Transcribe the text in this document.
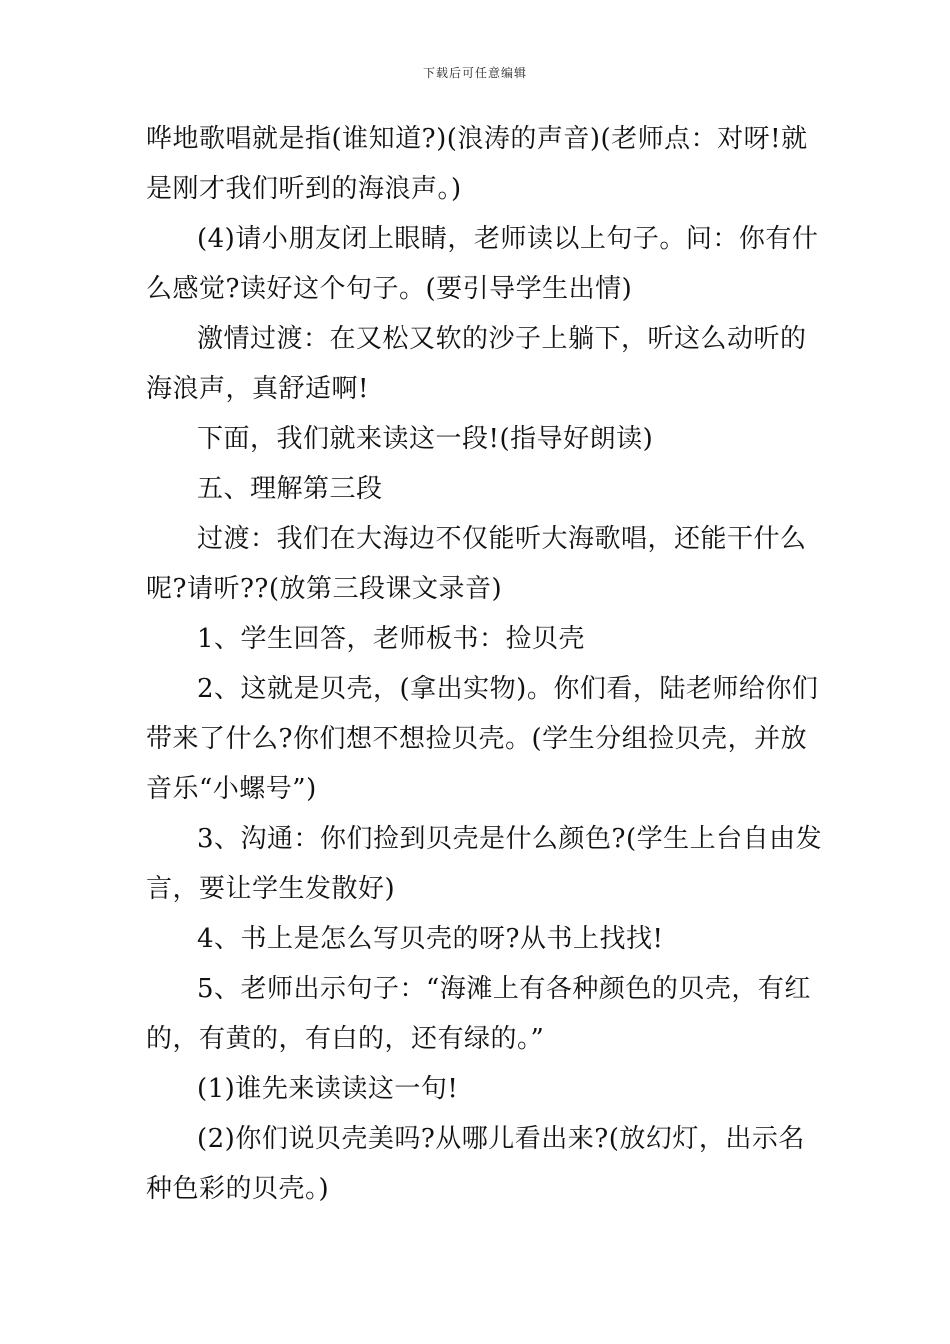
下载后可任意编辑
哗地歌唱就是指(谁知道?)(浪涛的声音)(老师点：对呀!就
是刚才我们听到的海浪声。)
(4)请小朋友闭上眼睛，老师读以上句子。问：你有什
么感觉?读好这个句子。(要引导学生出情)
激情过渡：在又松又软的沙子上躺下，听这么动听的
海浪声，真舒适啊!
下面，我们就来读这一段!(指导好朗读)
五、理解第三段
过渡：我们在大海边不仅能听大海歌唱，还能干什么
呢?请听??(放第三段课文录音)
1、学生回答，老师板书：捡贝壳
2、这就是贝壳，(拿出实物)。你们看，陆老师给你们
带来了什么?你们想不想捡贝壳。(学生分组捡贝壳，并放
音乐“小螺号”)
3、沟通：你们捡到贝壳是什么颜色?(学生上台自由发
言，要让学生发散好)
4、书上是怎么写贝壳的呀?从书上找找!
5、老师出示句子：“海滩上有各种颜色的贝壳，有红
的，有黄的，有白的，还有绿的。”
(1)谁先来读读这一句!
(2)你们说贝壳美吗?从哪儿看出来?(放幻灯，出示名
种色彩的贝壳。)
